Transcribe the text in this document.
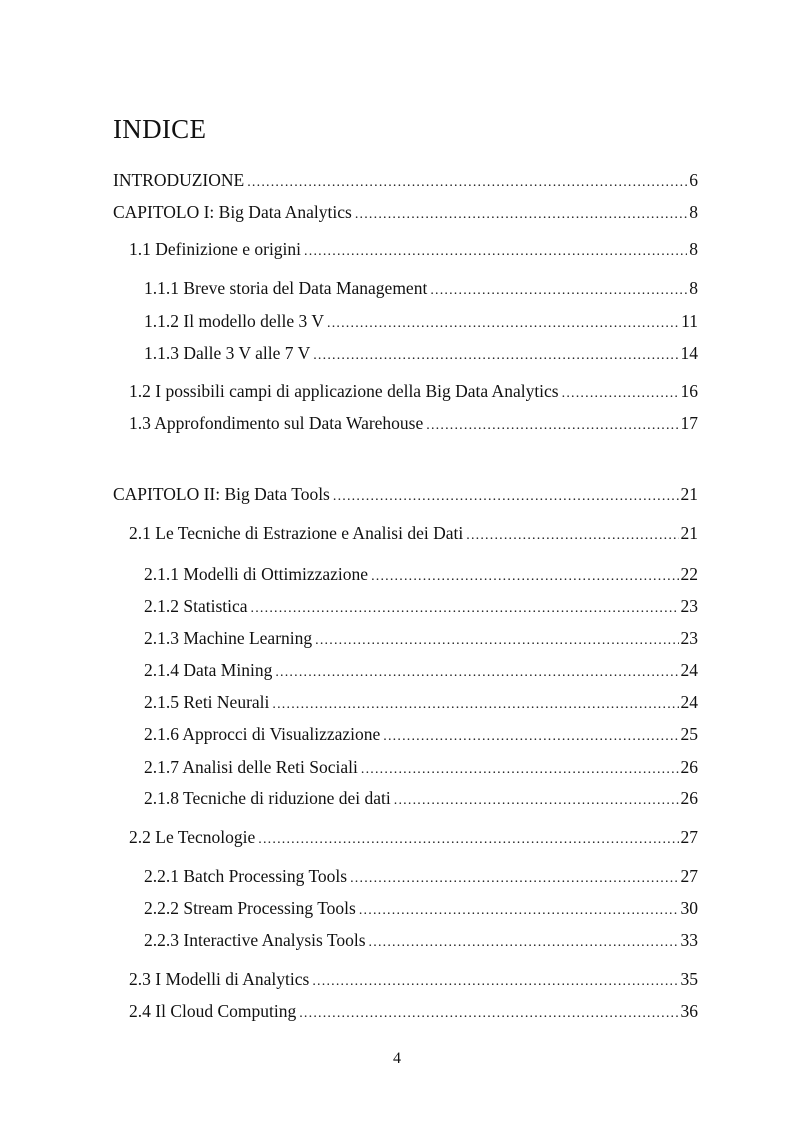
INDICE
INTRODUZIONE .....	6
CAPITOLO I: Big Data Analytics .....	8
1.1 Definizione e origini .....	8
1.1.1 Breve storia del Data Management .....	8
1.1.2 Il modello delle 3 V .....	11
1.1.3 Dalle 3 V alle 7 V .....	14
1.2 I possibili campi di applicazione della Big Data Analytics .....	16
1.3 Approfondimento sul Data Warehouse .....	17
CAPITOLO II: Big Data Tools .....	21
2.1 Le Tecniche di Estrazione e Analisi dei Dati .....	21
2.1.1 Modelli di Ottimizzazione .....	22
2.1.2 Statistica .....	23
2.1.3 Machine Learning .....	23
2.1.4 Data Mining .....	24
2.1.5 Reti Neurali .....	24
2.1.6 Approcci di Visualizzazione .....	25
2.1.7 Analisi delle Reti Sociali .....	26
2.1.8 Tecniche di riduzione dei dati .....	26
2.2 Le Tecnologie .....	27
2.2.1 Batch Processing Tools .....	27
2.2.2 Stream Processing Tools .....	30
2.2.3 Interactive Analysis Tools .....	33
2.3 I Modelli di Analytics .....	35
2.4 Il Cloud Computing .....	36
4
